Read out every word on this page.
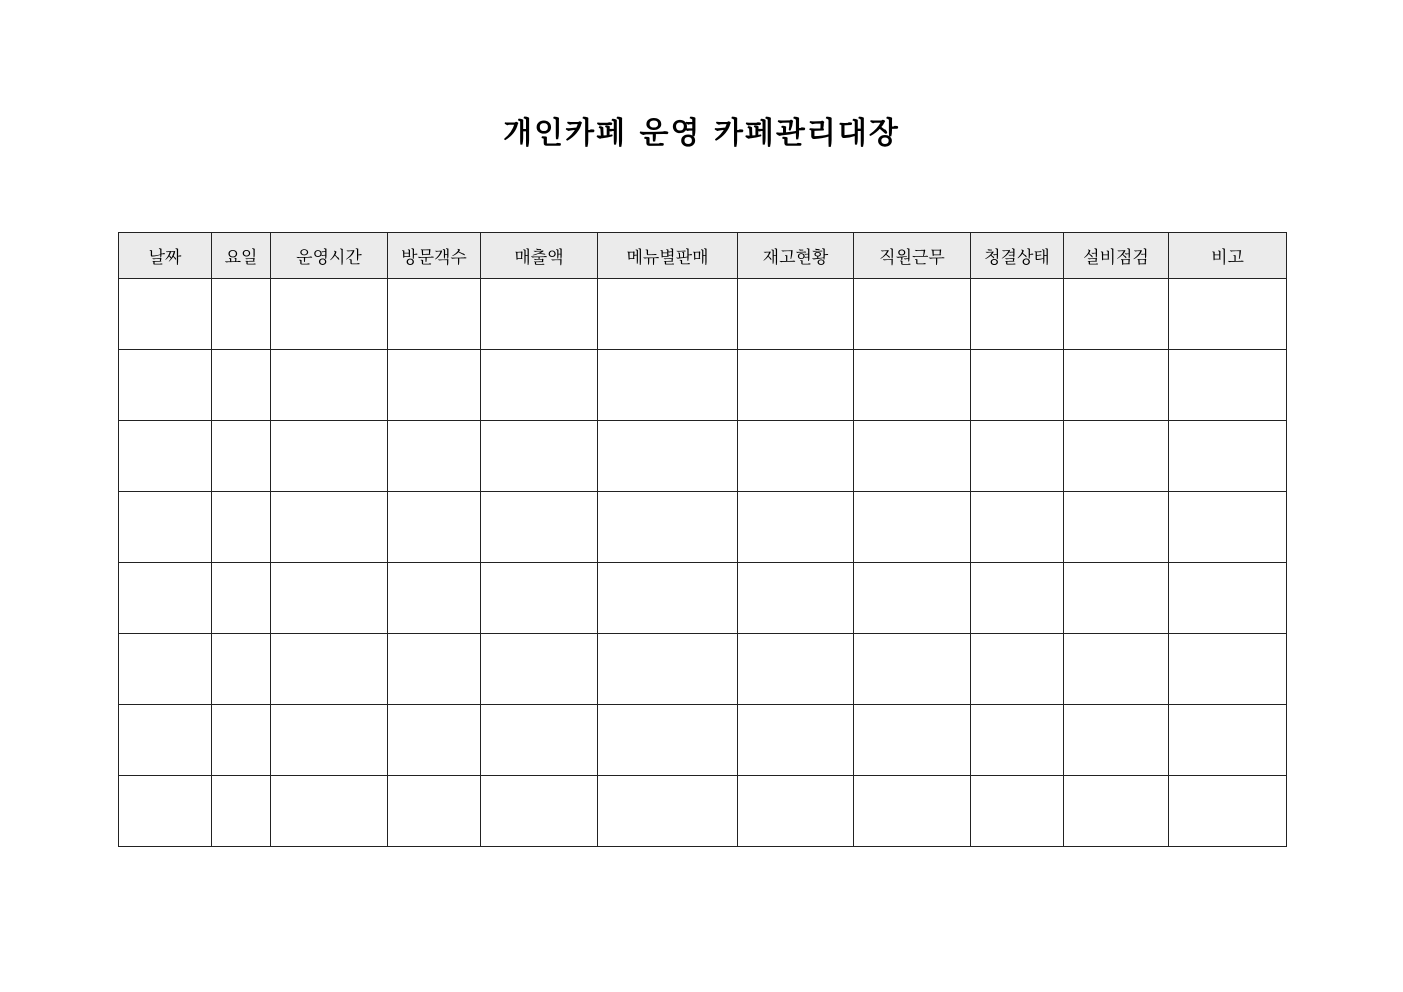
개인카페 운영 카페관리대장
날짜	요일	운영시간	방문객수	매출액	메뉴별판매	재고현황	직원근무	청결상태	설비점검	비고
